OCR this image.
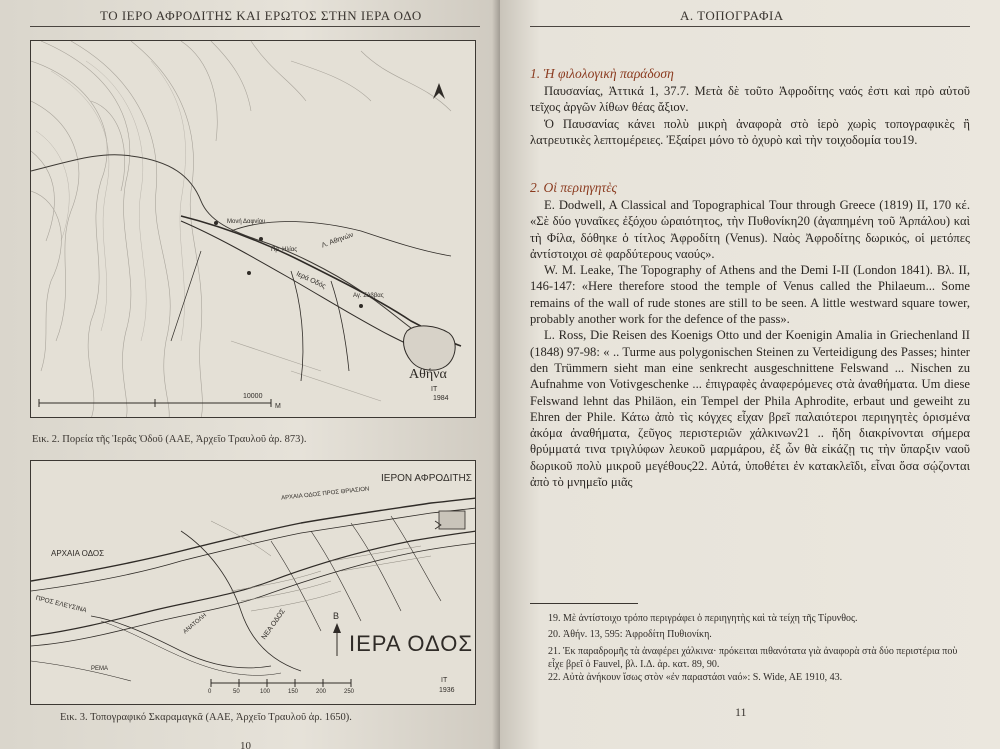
ΤΟ ΙΕΡΟ ΑΦΡΟΔΙΤΗΣ ΚΑΙ ΕΡΩΤΟΣ ΣΤΗΝ ΙΕΡΑ ΟΔΟ
Μονή Δαφνίου
Πρ. Ηλίας
Λ. Αθηνών
Ιερά Οδός
Αγ. Σάββας
Αθήνα
10000
Μ
ΙΤ
1984
Εικ. 2. Πορεία τῆς Ἱερᾶς Ὁδοῦ (ΑΑΕ, Ἀρχεῖο Τραυλοῦ ἀρ. 873).
ΙΕΡΟΝ ΑΦΡΟΔΙΤΗΣ
ΑΡΧΑΙΑ ΟΔΟΣ ΠΡΟΣ ΘΡΙΑΣΙΟΝ
ΑΡΧΑΙΑ ΟΔΟΣ
ΠΡΟΣ ΕΛΕΥΣΙΝΑ
ΝΕΑ ΟΔΟΣ
ΑΝΑΤΟΛΗ
ΡΕΜΑ
ΙΕΡΑ ΟΔΟΣ
Β
0	50	100	150	200	250
ΙΤ
1936
Εικ. 3. Τοπογραφικό Σκαραμαγκᾶ (ΑΑΕ, Ἀρχεῖο Τραυλοῦ ἀρ. 1650).
10
Α. ΤΟΠΟΓΡΑΦΙΑ
1. Ἡ φιλολογικὴ παράδοση

Παυσανίας, Ἀττικά 1, 37.7. Μετὰ δὲ τοῦτο Ἀφροδίτης ναός ἐστι καὶ πρὸ αὐτοῦ τεῖχος ἀργῶν λίθων θέας ἄξιον.

Ὁ Παυσανίας κάνει πολὺ μικρὴ ἀναφορὰ στὸ ἱερὸ χωρὶς τοπογραφικὲς ἢ λατρευτικὲς λεπτομέρειες. Ἐξαίρει μόνο τὸ ὀχυρὸ καὶ τὴν τοιχοδομία του19.

2. Οἱ περιηγητὲς

E. Dodwell, A Classical and Topographical Tour through Greece (1819) II, 170 κέ. «Σὲ δύο γυναῖκες ἐξόχου ὡραιότητος, τὴν Πυθονίκη20 (ἀγαπημένη τοῦ Ἀρπάλου) καὶ τὴ Φίλα, δόθηκε ὁ τίτλος Ἀφροδίτη (Venus). Ναὸς Ἀφροδίτης δωρικός, οἱ μετόπες ἀντίστοιχοι σὲ φαρδύτερους ναούς».

W. M. Leake, The Topography of Athens and the Demi I-II (London 1841). Βλ. II, 146-147: «Here therefore stood the temple of Venus called the Philaeum... Some remains of the wall of rude stones are still to be seen. A little westward square tower, probably another work for the defence of the pass».

L. Ross, Die Reisen des Koenigs Otto und der Koenigin Amalia in Griechenland II (1848) 97-98: « .. Turme aus polygonischen Steinen zu Verteidigung des Passes; hinter den Trümmern sieht man eine senkrecht ausgeschnittene Felswand ... Nischen zu Aufnahme von Votivgeschenke ... ἐπιγραφὲς ἀναφερόμενες στὰ ἀναθήματα. Um diese Felswand lehnt das Philäon, ein Tempel der Phila Aphrodite, erbaut und geweiht zu Ehren der Phile. Κάτω ἀπὸ τὶς κόγχες εἶχαν βρεῖ παλαιότεροι περιηγητὲς ὁρισμένα ἀκόμα ἀναθήματα, ζεῦγος περιστεριῶν χάλκινων21 .. ἤδη διακρίνονται σήμερα θρύμματά τινα τριγλύφων λευκοῦ μαρμάρου, ἐξ ὧν θὰ εἰκάζῃ τις τὴν ὕπαρξιν ναοῦ δωρικοῦ πολὺ μικροῦ μεγέθους22. Αὐτά, ὑποθέτει ἐν κατακλεῖδι, εἶναι ὅσα σῴζονται ἀπὸ τὸ μνημεῖο μιᾶς

19. Μὲ ἀντίστοιχο τρόπο περιγράφει ὁ περιηγητὴς καὶ τὰ τείχη τῆς Τίρυνθος.
20. Ἀθήν. 13, 595: Ἀφροδίτη Πυθιονίκη.
21. Ἐκ παραδρομῆς τὰ ἀναφέρει χάλκινα· πρόκειται πιθανότατα γιὰ ἀναφορὰ στὰ δύο περιστέρια ποὺ εἶχε βρεῖ ὁ Fauvel, βλ. Ι.Δ. ἀρ. κατ. 89, 90.
22. Αὐτὰ ἀνήκουν ἴσως στὸν «ἐν παραστάσι ναό»: S. Wide, AE 1910, 43.
11
